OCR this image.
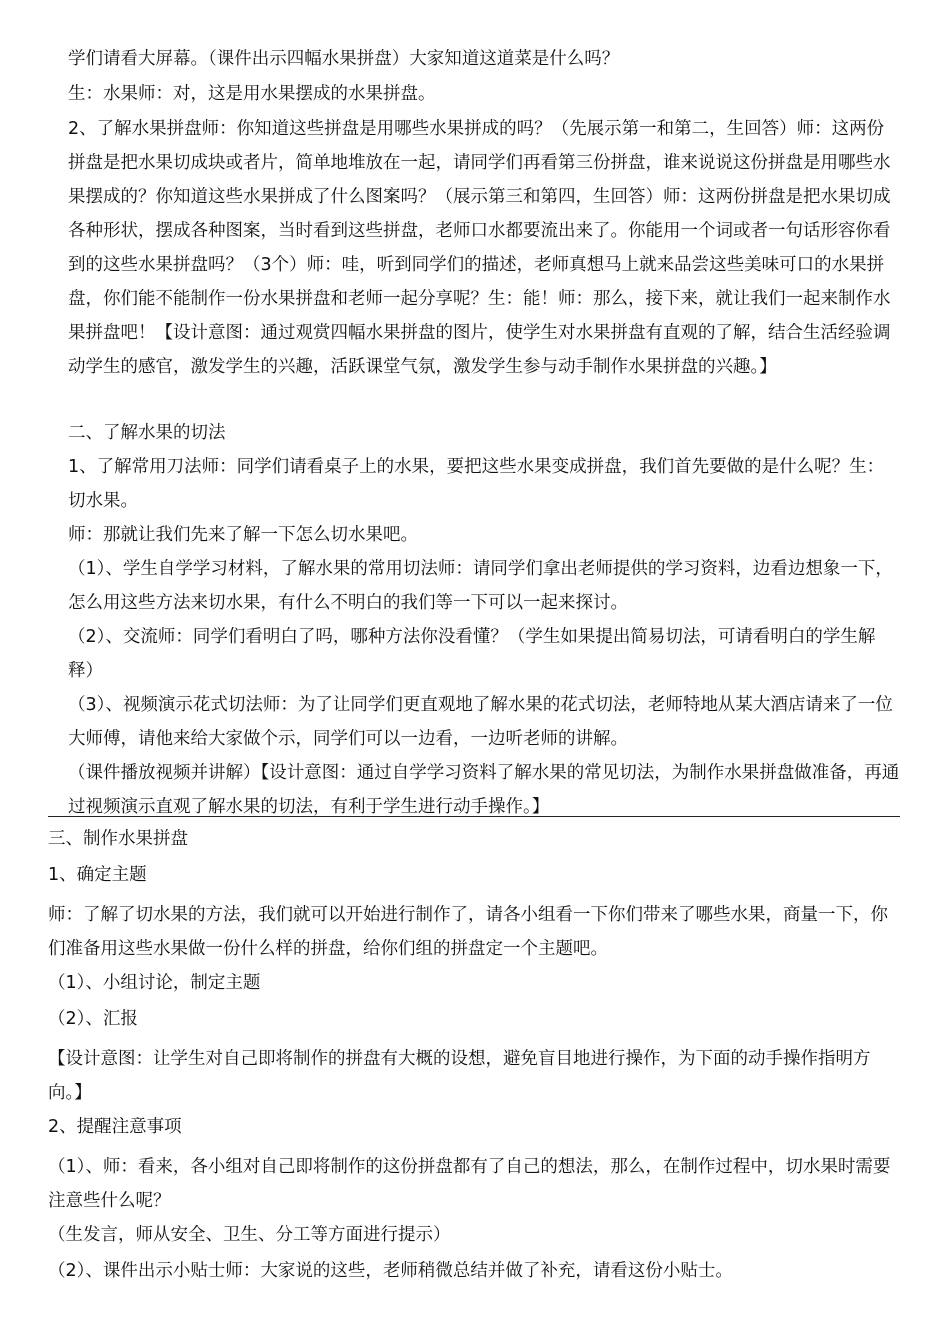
学们请看大屏幕。（课件出示四幅水果拼盘）大家知道这道菜是什么吗？

生：水果师：对，这是用水果摆成的水果拼盘。

2、了解水果拼盘师：你知道这些拼盘是用哪些水果拼成的吗？（先展示第一和第二，生回答）师：这两份拼盘是把水果切成块或者片，简单地堆放在一起，请同学们再看第三份拼盘，谁来说说这份拼盘是用哪些水果摆成的？你知道这些水果拼成了什么图案吗？（展示第三和第四，生回答）师：这两份拼盘是把水果切成各种形状，摆成各种图案，当时看到这些拼盘，老师口水都要流出来了。你能用一个词或者一句话形容你看到的这些水果拼盘吗？（3个）师：哇，听到同学们的描述，老师真想马上就来品尝这些美味可口的水果拼盘，你们能不能制作一份水果拼盘和老师一起分享呢？生：能！师：那么，接下来，就让我们一起来制作水果拼盘吧！【设计意图：通过观赏四幅水果拼盘的图片，使学生对水果拼盘有直观的了解，结合生活经验调动学生的感官，激发学生的兴趣，活跃课堂气氛，激发学生参与动手制作水果拼盘的兴趣。】

二、了解水果的切法

1、了解常用刀法师：同学们请看桌子上的水果，要把这些水果变成拼盘，我们首先要做的是什么呢？生：切水果。

师：那就让我们先来了解一下怎么切水果吧。

（1）、学生自学学习材料，了解水果的常用切法师：请同学们拿出老师提供的学习资料，边看边想象一下，怎么用这些方法来切水果，有什么不明白的我们等一下可以一起来探讨。

（2）、交流师：同学们看明白了吗，哪种方法你没看懂？（学生如果提出简易切法，可请看明白的学生解释）

（3）、视频演示花式切法师：为了让同学们更直观地了解水果的花式切法，老师特地从某大酒店请来了一位大师傅，请他来给大家做个示，同学们可以一边看，一边听老师的讲解。

（课件播放视频并讲解）【设计意图：通过自学学习资料了解水果的常见切法，为制作水果拼盘做准备，再通过视频演示直观了解水果的切法，有利于学生进行动手操作。】

三、制作水果拼盘

1、确定主题

师：了解了切水果的方法，我们就可以开始进行制作了，请各小组看一下你们带来了哪些水果，商量一下，你们准备用这些水果做一份什么样的拼盘，给你们组的拼盘定一个主题吧。

（1）、小组讨论，制定主题

（2）、汇报

【设计意图：让学生对自己即将制作的拼盘有大概的设想，避免盲目地进行操作，为下面的动手操作指明方向。】

2、提醒注意事项

（1）、师：看来，各小组对自己即将制作的这份拼盘都有了自己的想法，那么，在制作过程中，切水果时需要注意些什么呢？

（生发言，师从安全、卫生、分工等方面进行提示）

（2）、课件出示小贴士师：大家说的这些，老师稍微总结并做了补充，请看这份小贴士。
